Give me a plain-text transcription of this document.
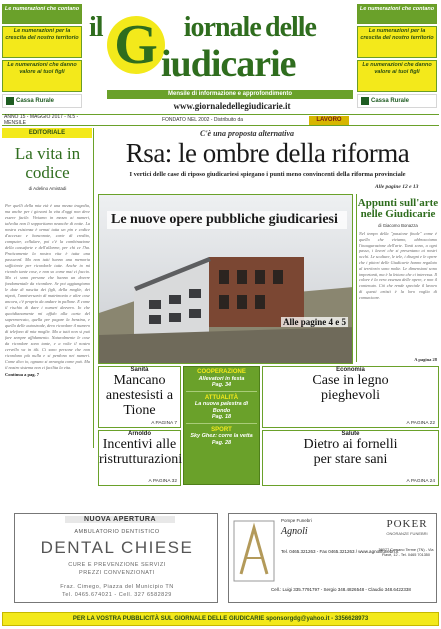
Le numerazioni che contano
Le numerazioni per la crescita del nostro territorio
Le numerazioni che danno valore ai tuoi figli
Cassa Rurale
G
il	iornale delle
iudicarie
Mensile di informazione e approfondimento
www.giornaledellegiudicarie.it
Le numerazioni che contano
Le numerazioni per la crescita del nostro territorio
Le numerazioni che danno valore ai tuoi figli
Cassa Rurale
ANNO 15 - MAGGIO 2017 - N.5 - MENSILE	FONDATO NEL 2002 - Distribuito da	LAVORO
EDITORIALE
La vita in codice
di Adelino Amistadi
Per quelli della mia età è una mezza tragedia, ma anche per i giovani la vita d'oggi non deve essere facile. Viviamo in mezzo ai numeri, talvolta non li sopportiamo neanche di notte. La nostra esistenza è ormai tutta un pin e codice d'accesso e banconote, carte di credito, computer, cellulare, poi c'è la combinazione della cassaforte e dell'allarme, per chi ce l'ha. Praticamente la nostra vita è tutta una password. Ma non tutti hanno una memoria sufficiente per ricordarle tutte. Anche io mi ricordo tante cose, e non so come mai ci faccio. Ma ci sono persone che hanno un dovere fondamentale da ricordare. Se poi aggiungiamo le date di nascita dei figli, della moglie, dei nipoti, l'anniversario di matrimonio e altre cose ancora, c'è proprio da andare in pallone. E come il rischio di dare i numeri davvero. Io che quotidianamente mi affido alla carta del supermercato, quella per pagare la benzina, e quella delle autostrade, devo ricordare il numero di telefono di mia moglie. Ma a tutti non si può fare sempre affidamento. Naturalmente le cose da ricordare sono tante, e a volte il nostro cervello va in tilt. Ci sono persone che non ricordano più nulla e si perdono nei numeri. Come dico io, ognuno si arrangia come può. Ma il nostro sistema non ci facilita la vita.
Continua a pag. 7
C'è una proposta alternativa
Rsa: le ombre della riforma
I vertici delle case di riposo giudicariesi spiegano i punti meno convincenti della riforma provinciale
Alle pagine 12 e 13
Le nuove opere pubbliche giudicariesi
Alle pagine 4 e 5
Appunti sull'arte nelle Giudicarie
di Giacomo Bonazza
Nel tempo della "passione finale" come è quello che viviamo, abbracciamo l'inaugurazione dell'arte. Tanti sono, a ogni passo, i lavori che si presentano ai nostri occhi. Le sculture, le tele, i disegni e le opere che i pittori delle Giudicarie hanno regalato al territorio sono molte. Le dimensioni sono importanti, ma è la lettura che ci interessa. Il colore è la vera essenza delle opere, e non il contenuto. Ciò che rende speciale il lavoro di questi artisti è la loro voglia di comunicare.
A pagina 28
Sanità
Mancano anestesisti a Tione
A PAGINA 7
COOPERAZIONE
Allevatori in festa
Pag. 34
ATTUALITÀ
La nuova palestra di Bondo
Pag. 18
SPORT
Sky Ghez: corre la vetta
Pag. 28
Economia
Case in legno pieghevoli
A PAGINA 22
Arnoldo
Incentivi alle ristrutturazioni
A PAGINA 32
Salute
Dietro ai fornelli per stare sani
A PAGINA 24
NUOVA APERTURA
AMBULATORIO DENTISTICO
DENTAL CHIESE
CURE E PREVENZIONE SERVIZI
PREZZI CONVENZIONATI
Fraz. Cimego, Piazza del Municipio TN
Tel. 0465.674021 - Cell. 327 6582829
Pompe Funebri
Agnoli
Tel. 0465.321263 - Fax 0465.321263 / www.agnolifunebri.it
POKER
ONORANZE FUNEBRI
38077 Comano Terme (TN) - Via Fiavè, 12 - Tel. 0465 701350
Cell.: Luigi 335.7791797 - Sergio 348.4826548 - Claudio 348.6422338
PER LA VOSTRA PUBBLICITÀ SUL GIORNALE DELLE GIUDICARIE sponsorgdg@yahoo.it - 3356628973
